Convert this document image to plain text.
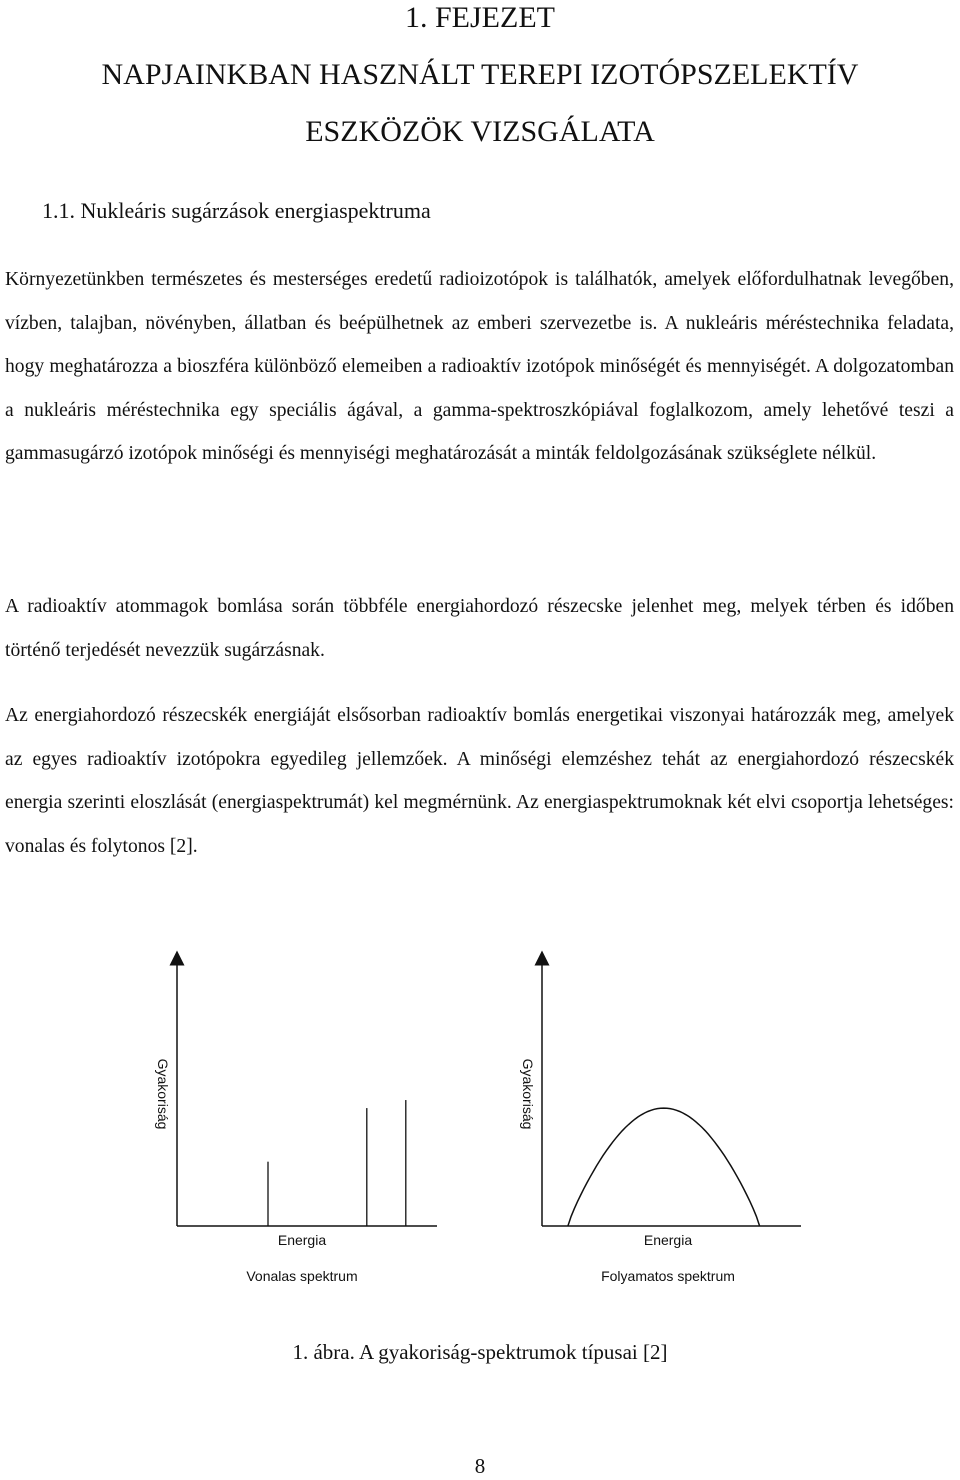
1. FEJEZET

NAPJAINKBAN HASZNÁLT TEREPI IZOTÓPSZELEKTÍV

ESZKÖZÖK VIZSGÁLATA

1.1. Nukleáris sugárzások energiaspektruma

Környezetünkben természetes és mesterséges eredetű radioizotópok is találhatók, amelyek előfordulhatnak levegőben, vízben, talajban, növényben, állatban és beépülhetnek az emberi szervezetbe is. A nukleáris méréstechnika feladata, hogy meghatározza a bioszféra különböző elemeiben a radioaktív izotópok minőségét és mennyiségét. A dolgozatomban a nukleáris méréstechnika egy speciális ágával, a gamma-spektroszkópiával foglalkozom, amely lehetővé teszi a gammasugárzó izotópok minőségi és mennyiségi meghatározását a minták feldolgozásának szükséglete nélkül.

A radioaktív atommagok bomlása során többféle energiahordozó részecske jelenhet meg, melyek térben és időben történő terjedését nevezzük sugárzásnak.

Az energiahordozó részecskék energiáját elsősorban radioaktív bomlás energetikai viszonyai határozzák meg, amelyek az egyes radioaktív izotópokra egyedileg jellemzőek. A minőségi elemzéshez tehát az energiahordozó részecskék energia szerinti eloszlását (energiaspektrumát) kel megmérnünk. Az energiaspektrumoknak két elvi csoportja lehetséges: vonalas és folytonos [2].

Gyakoriság
Energia
Vonalas spektrum
Gyakoriság
Energia
Folyamatos spektrum

1. ábra. A gyakoriság-spektrumok típusai [2]

8
